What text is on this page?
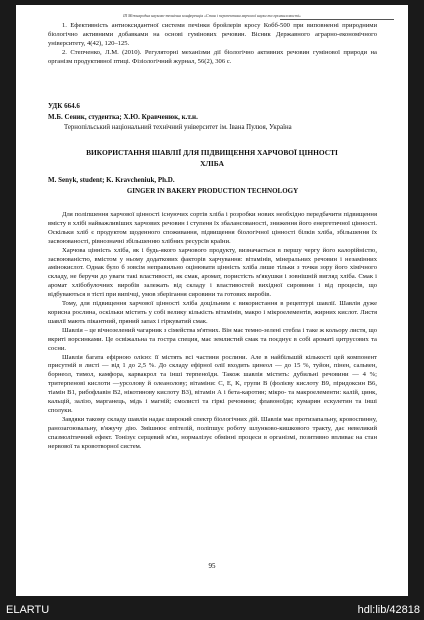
ІІІ Міжнародна науково-технічна конференція «Стан і перспективи харчової науки та промисловості»

1. Ефективність антиоксидантної системи печінки бройлерів кросу Кобб-500 при виповненні природними біологічно активними добавками на основі гумінових речовин. Вісник Державного аграрно-економічного університету, 4(42), 120–125.

2. Степченко, Л.М. (2010). Регуляторні механізми дії біологічно активних речовин гумінової природи на організм продуктивної птиці. Фізіологічний журнал, 56(2), 306 с.

УДК 664.6
М.Б. Сеник, студентка; Х.Ю. Кравченюк, к.т.н.
Тернопільський національний технічний університет ім. Івана Пулюя, Україна
ВИКОРИСТАННЯ ШАВЛІЇ ДЛЯ ПІДВИЩЕННЯ ХАРЧОВОЇ ЦІННОСТІ ХЛІБА
M. Senyk, student; K. Kravcheniuk, Ph.D.
GINGER IN BAKERY PRODUCTION TECHNOLOGY

Для поліпшення харчової цінності існуючих сортів хліба і розробки нових необхідно передбачити підвищення вмісту в хлібі найважливіших харчових речовин і ступеня їх збалансованості, зниження його енергетичної цінності. Оскільки хліб є продуктом щоденного споживання, підвищення біологічної цінності білків хліба, збільшення їх засвоюваності, рівнозначні збільшенню хлібних ресурсів країни.

Харчова цінність хліба, як і будь-якого харчового продукту, визначається в першу чергу його калорійністю, засвоюваністю, вмістом у ньому додаткових факторів харчування: вітамінів, мінеральних речовин і незамінних амінокислот. Однак було б зовсім неправильно оцінювати цінність хліба лише тільки з точки зору його хімічного складу, не беручи до уваги такі властивості, як смак, аромат, пористість м'якушки і зовнішній вигляд хліба. Смак і аромат хлібобулочних виробів залежать від складу і властивостей вихідної сировини і від процесів, що відбуваються в тісті при випічці, умов зберігання сировини та готових виробів.

Тому, для підвищення харчової цінності хліба доцільним є використання в рецептурі шавлії. Шавлія дуже корисна рослина, оскільки містить у собі велику кількість вітамінів, макро і мікроелементів, жирних кислот. Листя шавлії мають пікантний, пряний запах і гіркуватий смак.

Шавлія – це вічнозелений чагарник з сімейства м'ятних. Він має темно-зелені стебла і таке ж кольору листя, що вкриті ворсинками. Це освіжальна та гостра специя, має землистий смак та поєднує в собі ароматі цитрусових та сосни.

Шавлія багата ефірною олією: її містять всі частини рослини. Але в найбільшій кількості цей компонент присутній в листі — від 1 до 2,5 %. До складу ефірної олії входить цинеол — до 15 %, туйон, пінен, сальвен, борнеол, тимол, камфора, карвакрол та інші терпеноїди. Також шавлія містить: дубильні речовини — 4 %; тритерпенові кислоти —урсолову й олеанолову; вітаміни: C, E, K, групи В (фолієву кислоту В9, піридоксин В6, тіамін В1, рибофлавін В2, нікотинову кислоту В3), вітамін А і бета-каротин; мікро- та макроелементи: калій, цинк, кальцій, залізо, марганець, мідь і магній; смолисті та гіркі речовини; флавоноїди; кумарин ескулетин та інші сполуки.

Завдяки такому складу шавлія надає широкий спектр біологічних дій. Шавлія має протизапальну, кровоспинну, ранозагоювальну, в'яжучу дію. Змішнює епітелій, поліпшує роботу шлунково-кишкового тракту, дає невеликий спазмолітичний ефект. Тонізує серцевий м'яз, нормалізує обмінні процеси в організмі, позитивно впливає на стан нервової та кровотворної систем.

95
ELARTU	hdl:lib/42818
